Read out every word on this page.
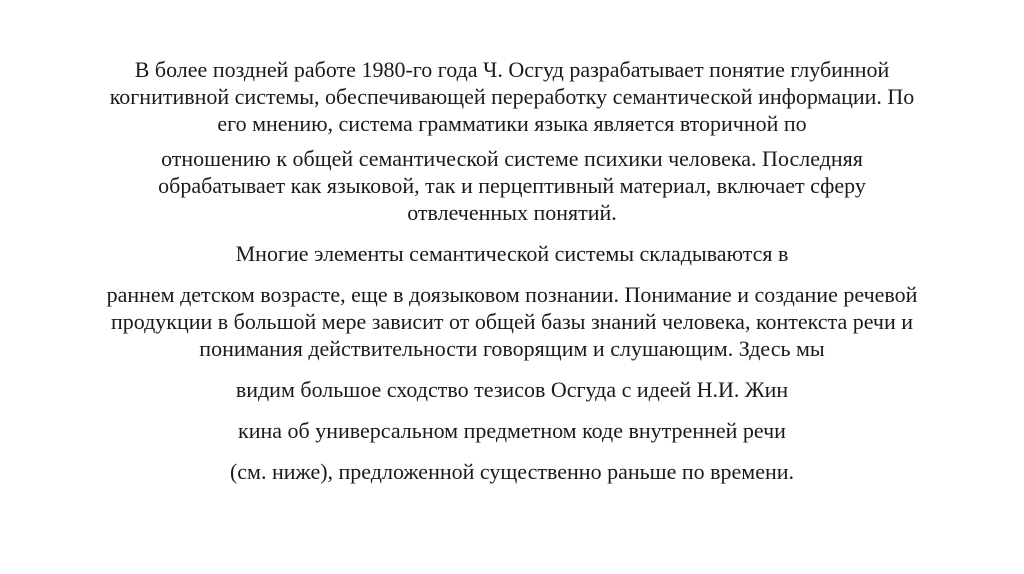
В более поздней работе 1980-го года Ч. Осгуд разрабатывает понятие глубинной
когнитивной системы, обеспечивающей переработку семантической информации. По
его мнению, система грамматики языка является вторичной по
отношению к общей семантической системе психики человека. Последняя
обрабатывает как языковой, так и перцептивный материал, включает сферу
отвлеченных понятий.
Многие элементы семантической системы складываются в
раннем детском возрасте, еще в доязыковом познании. Понимание и создание речевой
продукции в большой мере зависит от общей базы знаний человека, контекста речи и
понимания действительности говорящим и слушающим. Здесь мы
видим большое сходство тезисов Осгуда с идеей Н.И. Жин
кина об универсальном предметном коде внутренней речи
(см. ниже), предложенной существенно раньше по времени.
